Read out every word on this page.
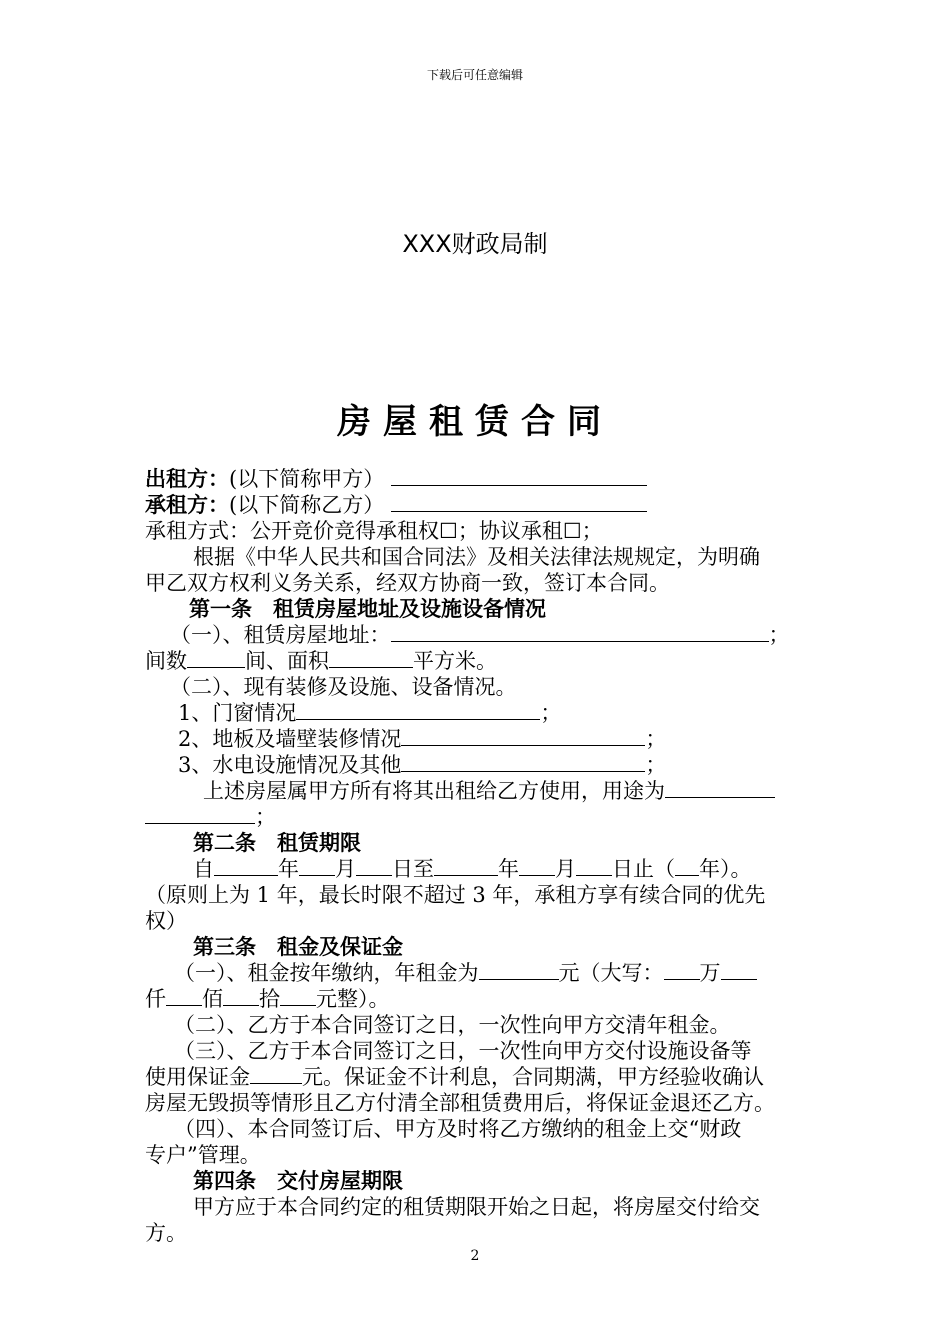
下载后可任意编辑
XXX财政局制
房屋租赁合同
出租方：(以下简称甲方）
承租方：(以下简称乙方）
承租方式：公开竞价竞得承租权☐；协议承租☐；
根据《中华人民共和国合同法》及相关法律法规规定，为明确
甲乙双方权利义务关系，经双方协商一致，签订本合同。
第一条　租赁房屋地址及设施设备情况
（一）、租赁房屋地址：	；
间数	间、面积	平方米。
（二）、现有装修及设施、设备情况。
1、门窗情况	；
2、地板及墙壁装修情况	；
3、水电设施情况及其他	；
上述房屋属甲方所有将其出租给乙方使用，用途为
；
第二条　租赁期限
自	年 月 日至	年 月 日止（ 年）。
（原则上为 1 年，最长时限不超过 3 年，承租方享有续合同的优先
权）
第三条　租金及保证金
（一）、租金按年缴纳，年租金为	元（大写： 万
仟 佰 拾 元整）。
（二）、乙方于本合同签订之日，一次性向甲方交清年租金。
（三）、乙方于本合同签订之日，一次性向甲方交付设施设备等
使用保证金 元。保证金不计利息，合同期满，甲方经验收确认
房屋无毁损等情形且乙方付清全部租赁费用后，将保证金退还乙方。
（四）、本合同签订后、甲方及时将乙方缴纳的租金上交“财政
专户”管理。
第四条　交付房屋期限
甲方应于本合同约定的租赁期限开始之日起，将房屋交付给交
方。
2
